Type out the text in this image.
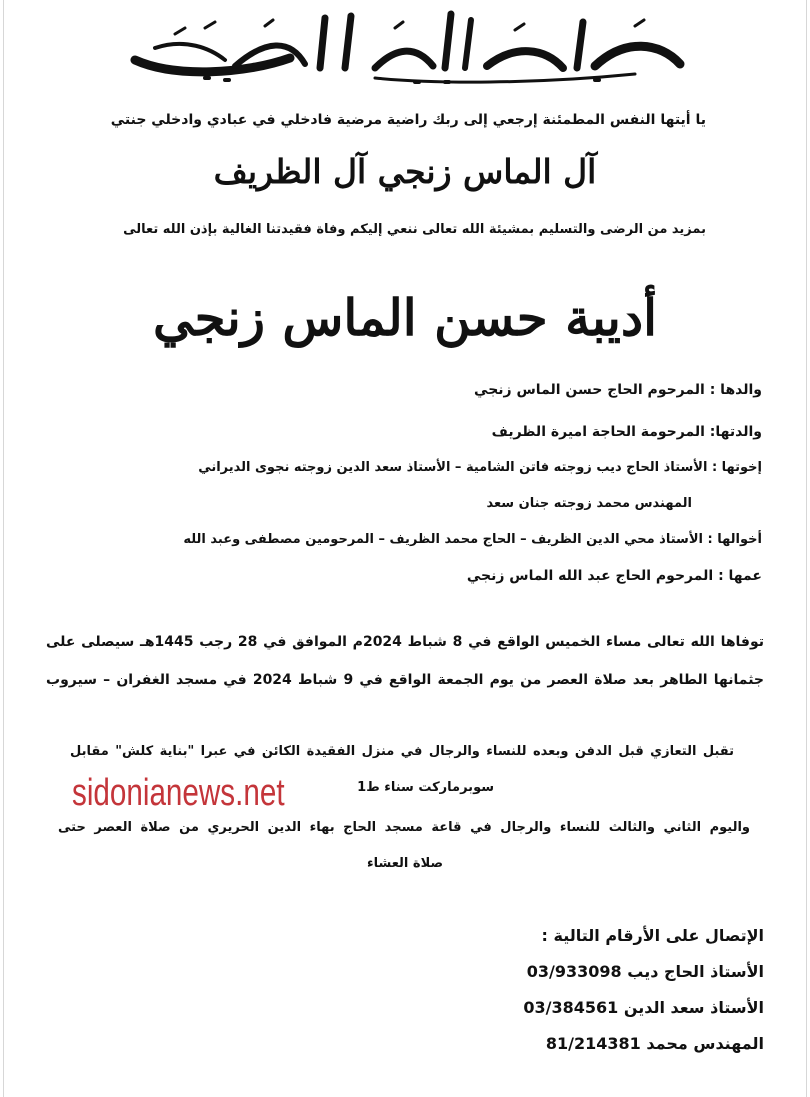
يا أيتها النفس المطمئنة إرجعي إلى ربك راضية مرضية فادخلي في عبادي وادخلي جنتي
آل الماس زنجي آل الظريف
بمزيد من الرضى والتسليم بمشيئة الله تعالى ننعي إليكم وفاة فقيدتنا الغالية بإذن الله تعالى
أديبة حسن الماس زنجي
والدها : المرحوم الحاج حسن الماس زنجي
والدتها: المرحومة الحاجة اميرة الظريف
إخوتها : الأستاذ الحاج ديب زوجته فاتن الشامية – الأستاذ سعد الدين زوجته نجوى الديراني
المهندس محمد زوجته جنان سعد
أخوالها : الأستاذ محي الدين الظريف – الحاج محمد الظريف – المرحومين مصطفى وعبد الله
عمها : المرحوم الحاج عبد الله الماس زنجي
توفاها الله تعالى مساء الخميس الواقع في 8 شباط 2024م الموافق في 28 رجب 1445هـ سيصلى على
جثمانها الطاهر بعد صلاة العصر من يوم الجمعة الواقع في 9 شباط 2024 في مسجد الغفران – سيروب
تقبل التعازي قبل الدفن وبعده للنساء والرجال في منزل الفقيدة الكائن في عبرا "بناية كلش" مقابل
سوبرماركت سناء ط1
واليوم الثاني والثالث للنساء والرجال في قاعة مسجد الحاج بهاء الدين الحريري من صلاة العصر حتى
صلاة العشاء
sidonianews.net
الإتصال على الأرقام التالية :
الأستاذ الحاج ديب 03/933098
الأستاذ سعد الدين 03/384561
المهندس محمد 81/214381
